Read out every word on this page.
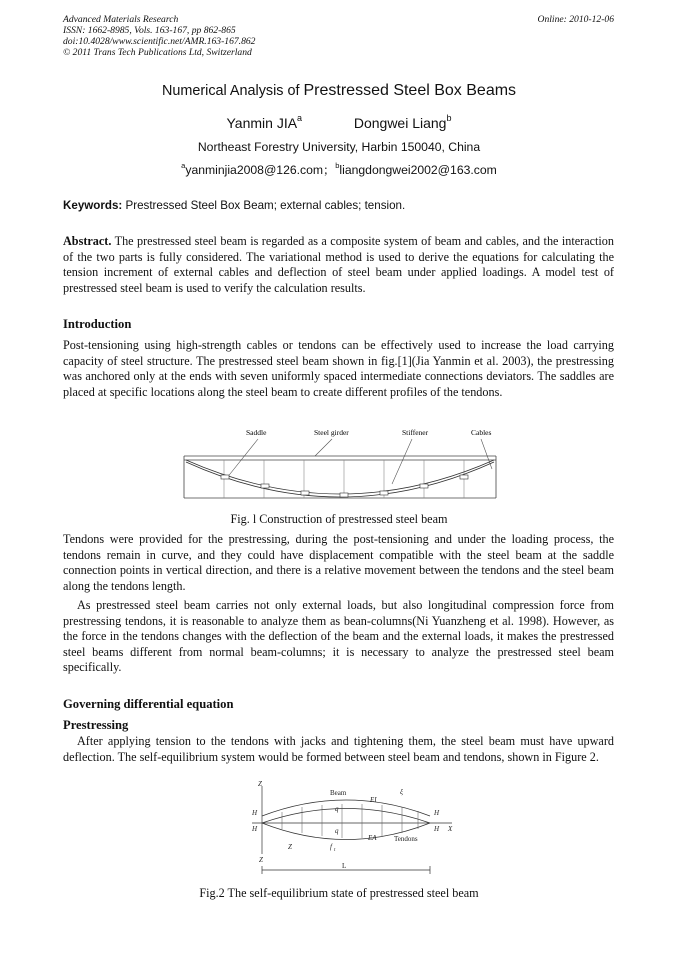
Advanced Materials Research
ISSN: 1662-8985, Vols. 163-167, pp 862-865
doi:10.4028/www.scientific.net/AMR.163-167.862
© 2011 Trans Tech Publications Ltd, Switzerland
Online: 2010-12-06
Numerical Analysis of Prestressed Steel Box Beams
Yanmin JIA$^a$	Dongwei Liang$^b$
Northeast Forestry University, Harbin 150040, China
$^a$yanminjia2008@126.com；$^b$liangdongwei2002@163.com
Keywords: Prestressed Steel Box Beam; external cables; tension.
Abstract. The prestressed steel beam is regarded as a composite system of beam and cables, and the interaction of the two parts is fully considered. The variational method is used to derive the equations for calculating the tension increment of external cables and deflection of steel beam under applied loadings. A model test of prestressed steel beam is used to verify the calculation results.
Introduction
Post-tensioning using high-strength cables or tendons can be effectively used to increase the load carrying capacity of steel structure. The prestressed steel beam shown in fig.[1](Jia Yanmin et al. 2003), the prestressing was anchored only at the ends with seven uniformly spaced intermediate connections deviators. The saddles are placed at specific locations along the steel beam to create different profiles of the tendons.
Saddle	Steel girder	Stiffener	Cables
Fig. l Construction of prestressed steel beam
Tendons were provided for the prestressing, during the post-tensioning and under the loading process, the tendons remain in curve, and they could have displacement compatible with the steel beam at the saddle connection points in vertical direction, and there is a relative movement between the tendons and the steel beam along the tendons length.
As prestressed steel beam carries not only external loads, but also longitudinal compression force from prestressing tendons, it is reasonable to analyze them as bean-columns(Ni Yuanzheng et al. 1998). However, as the force in the tendons changes with the deflection of the beam and the external loads, it makes the prestressed steel beams different from normal beam-columns; it is necessary to analyze the prestressed steel beam specifically.
Governing differential equation
Prestressing
After applying tension to the tendons with jacks and tightening them, the steel beam must have upward deflection. The self-equilibrium system would be formed between steel beam and tendons, shown in Figure 2.
Z
Z
H
H
H
H X
q
q
Z	f t
EA
EI
ξ
Beam
Tendons
L
Fig.2 The self-equilibrium state of prestressed steel beam
